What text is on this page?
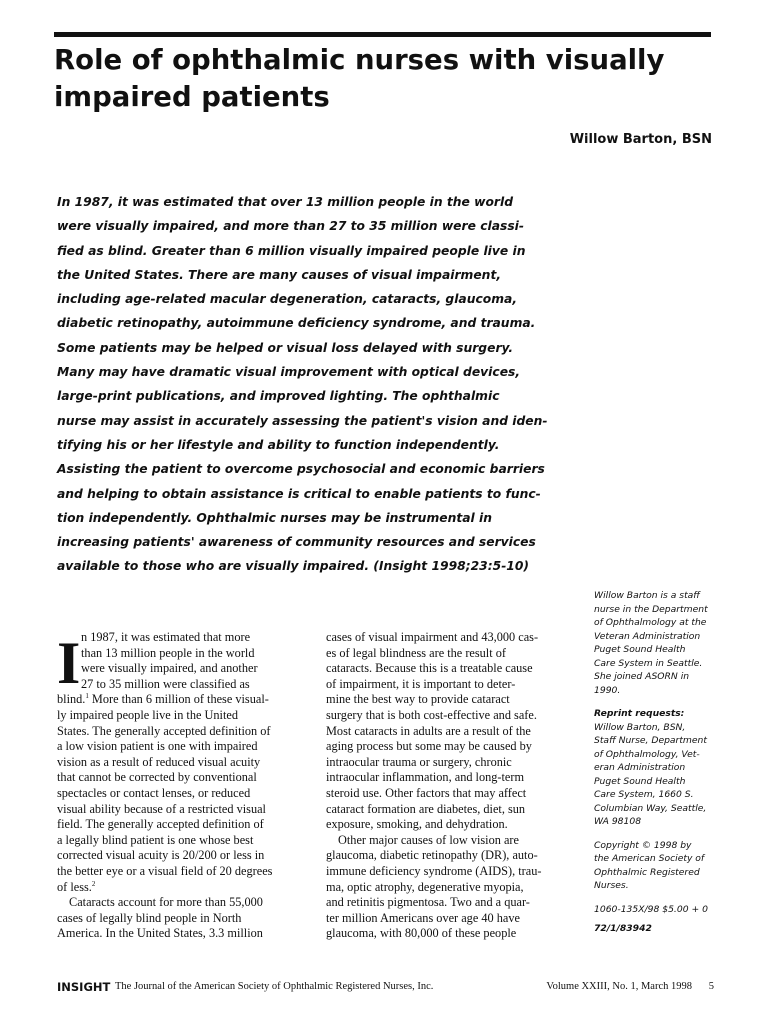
Role of ophthalmic nurses with visually
impaired patients
Willow Barton, BSN
In 1987, it was estimated that over 13 million people in the world
were visually impaired, and more than 27 to 35 million were classi-
fied as blind. Greater than 6 million visually impaired people live in
the United States. There are many causes of visual impairment,
including age-related macular degeneration, cataracts, glaucoma,
diabetic retinopathy, autoimmune deficiency syndrome, and trauma.
Some patients may be helped or visual loss delayed with surgery.
Many may have dramatic visual improvement with optical devices,
large-print publications, and improved lighting. The ophthalmic
nurse may assist in accurately assessing the patient's vision and iden-
tifying his or her lifestyle and ability to function independently.
Assisting the patient to overcome psychosocial and economic barriers
and helping to obtain assistance is critical to enable patients to func-
tion independently. Ophthalmic nurses may be instrumental in
increasing patients' awareness of community resources and services
available to those who are visually impaired. (Insight 1998;23:5-10)
Willow Barton is a staff
nurse in the Department
of Ophthalmology at the
Veteran Administration
Puget Sound Health
Care System in Seattle.
She joined ASORN in
1990.
Reprint requests:
Willow Barton, BSN,
Staff Nurse, Department
of Ophthalmology, Vet-
eran Administration
Puget Sound Health
Care System, 1660 S.
Columbian Way, Seattle,
WA 98108
Copyright © 1998 by
the American Society of
Ophthalmic Registered
Nurses.
1060-135X/98 $5.00 + 0
72/1/83942
I n 1987, it was estimated that more
than 13 million people in the world
were visually impaired, and another
27 to 35 million were classified as
blind.$^1$ More than 6 million of these visual-
ly impaired people live in the United
States. The generally accepted definition of
a low vision patient is one with impaired
vision as a result of reduced visual acuity
that cannot be corrected by conventional
spectacles or contact lenses, or reduced
visual ability because of a restricted visual
field. The generally accepted definition of
a legally blind patient is one whose best
corrected visual acuity is 20/200 or less in
the better eye or a visual field of 20 degrees
of less.$^2$
Cataracts account for more than 55,000
cases of legally blind people in North
America. In the United States, 3.3 million
cases of visual impairment and 43,000 cas-
es of legal blindness are the result of
cataracts. Because this is a treatable cause
of impairment, it is important to deter-
mine the best way to provide cataract
surgery that is both cost-effective and safe.
Most cataracts in adults are a result of the
aging process but some may be caused by
intraocular trauma or surgery, chronic
intraocular inflammation, and long-term
steroid use. Other factors that may affect
cataract formation are diabetes, diet, sun
exposure, smoking, and dehydration.
Other major causes of low vision are
glaucoma, diabetic retinopathy (DR), auto-
immune deficiency syndrome (AIDS), trau-
ma, optic atrophy, degenerative myopia,
and retinitis pigmentosa. Two and a quar-
ter million Americans over age 40 have
glaucoma, with 80,000 of these people
INSIGHT The Journal of the American Society of Ophthalmic Registered Nurses, Inc.	Volume XXIII, No. 1, March 1998 5
